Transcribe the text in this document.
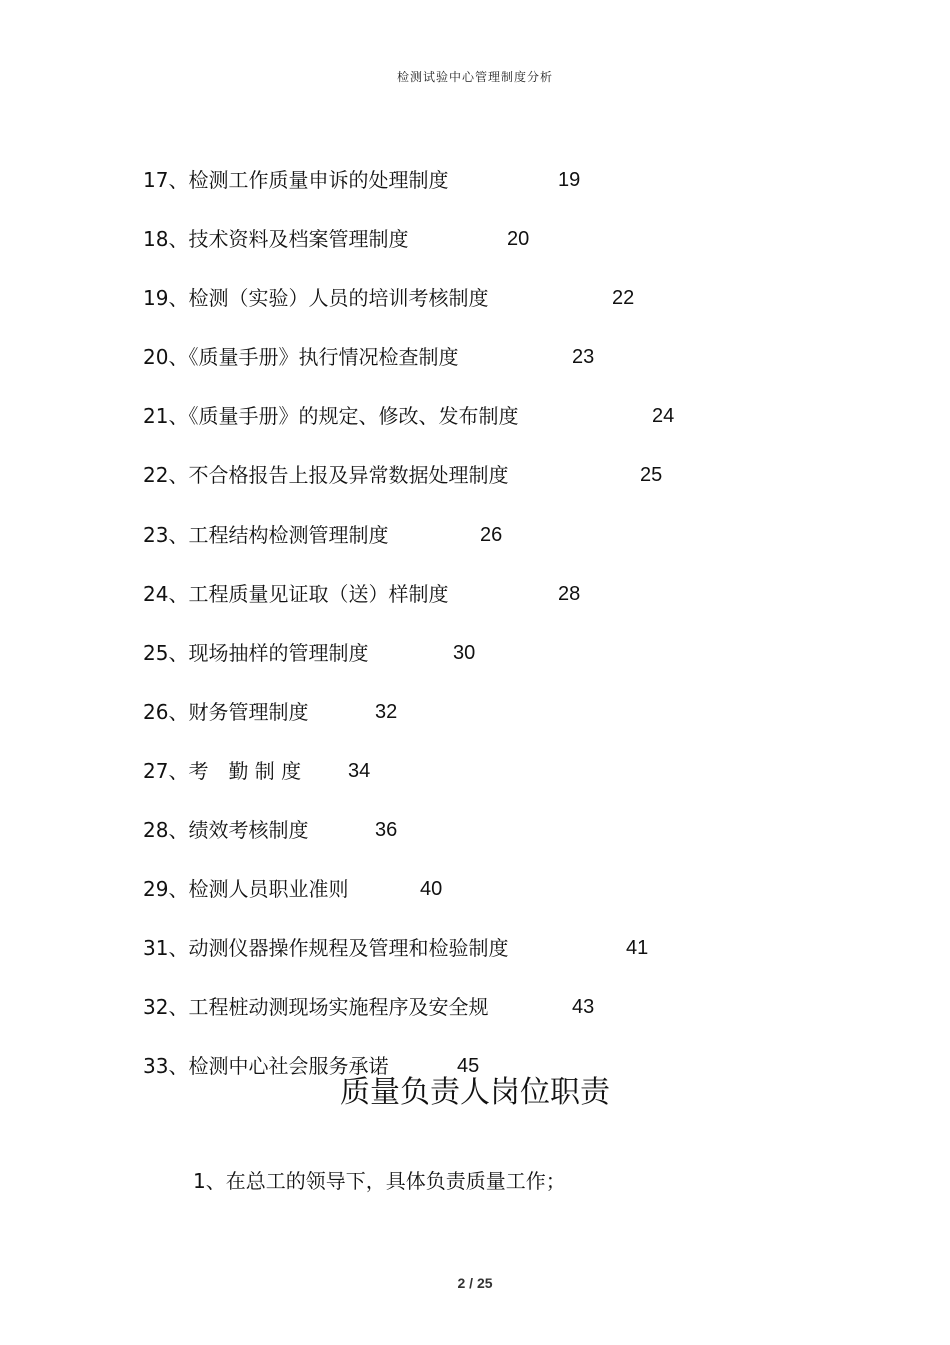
检测试验中心管理制度分析
17、检测工作质量申诉的处理制度	19
18、技术资料及档案管理制度	20
19、检测（实验）人员的培训考核制度	22
20、《质量手册》执行情况检查制度	23
21、《质量手册》的规定、修改、发布制度	24
22、不合格报告上报及异常数据处理制度	25
23、工程结构检测管理制度	26
24、工程质量见证取（送）样制度	28
25、现场抽样的管理制度	30
26、财务管理制度	32
27、考　勤 制 度 34
28、绩效考核制度	36
29、检测人员职业准则	40
31、动测仪器操作规程及管理和检验制度	41
32、工程桩动测现场实施程序及安全规	43
33、检测中心社会服务承诺	45
质量负责人岗位职责
1、在总工的领导下，具体负责质量工作；
2 / 25
